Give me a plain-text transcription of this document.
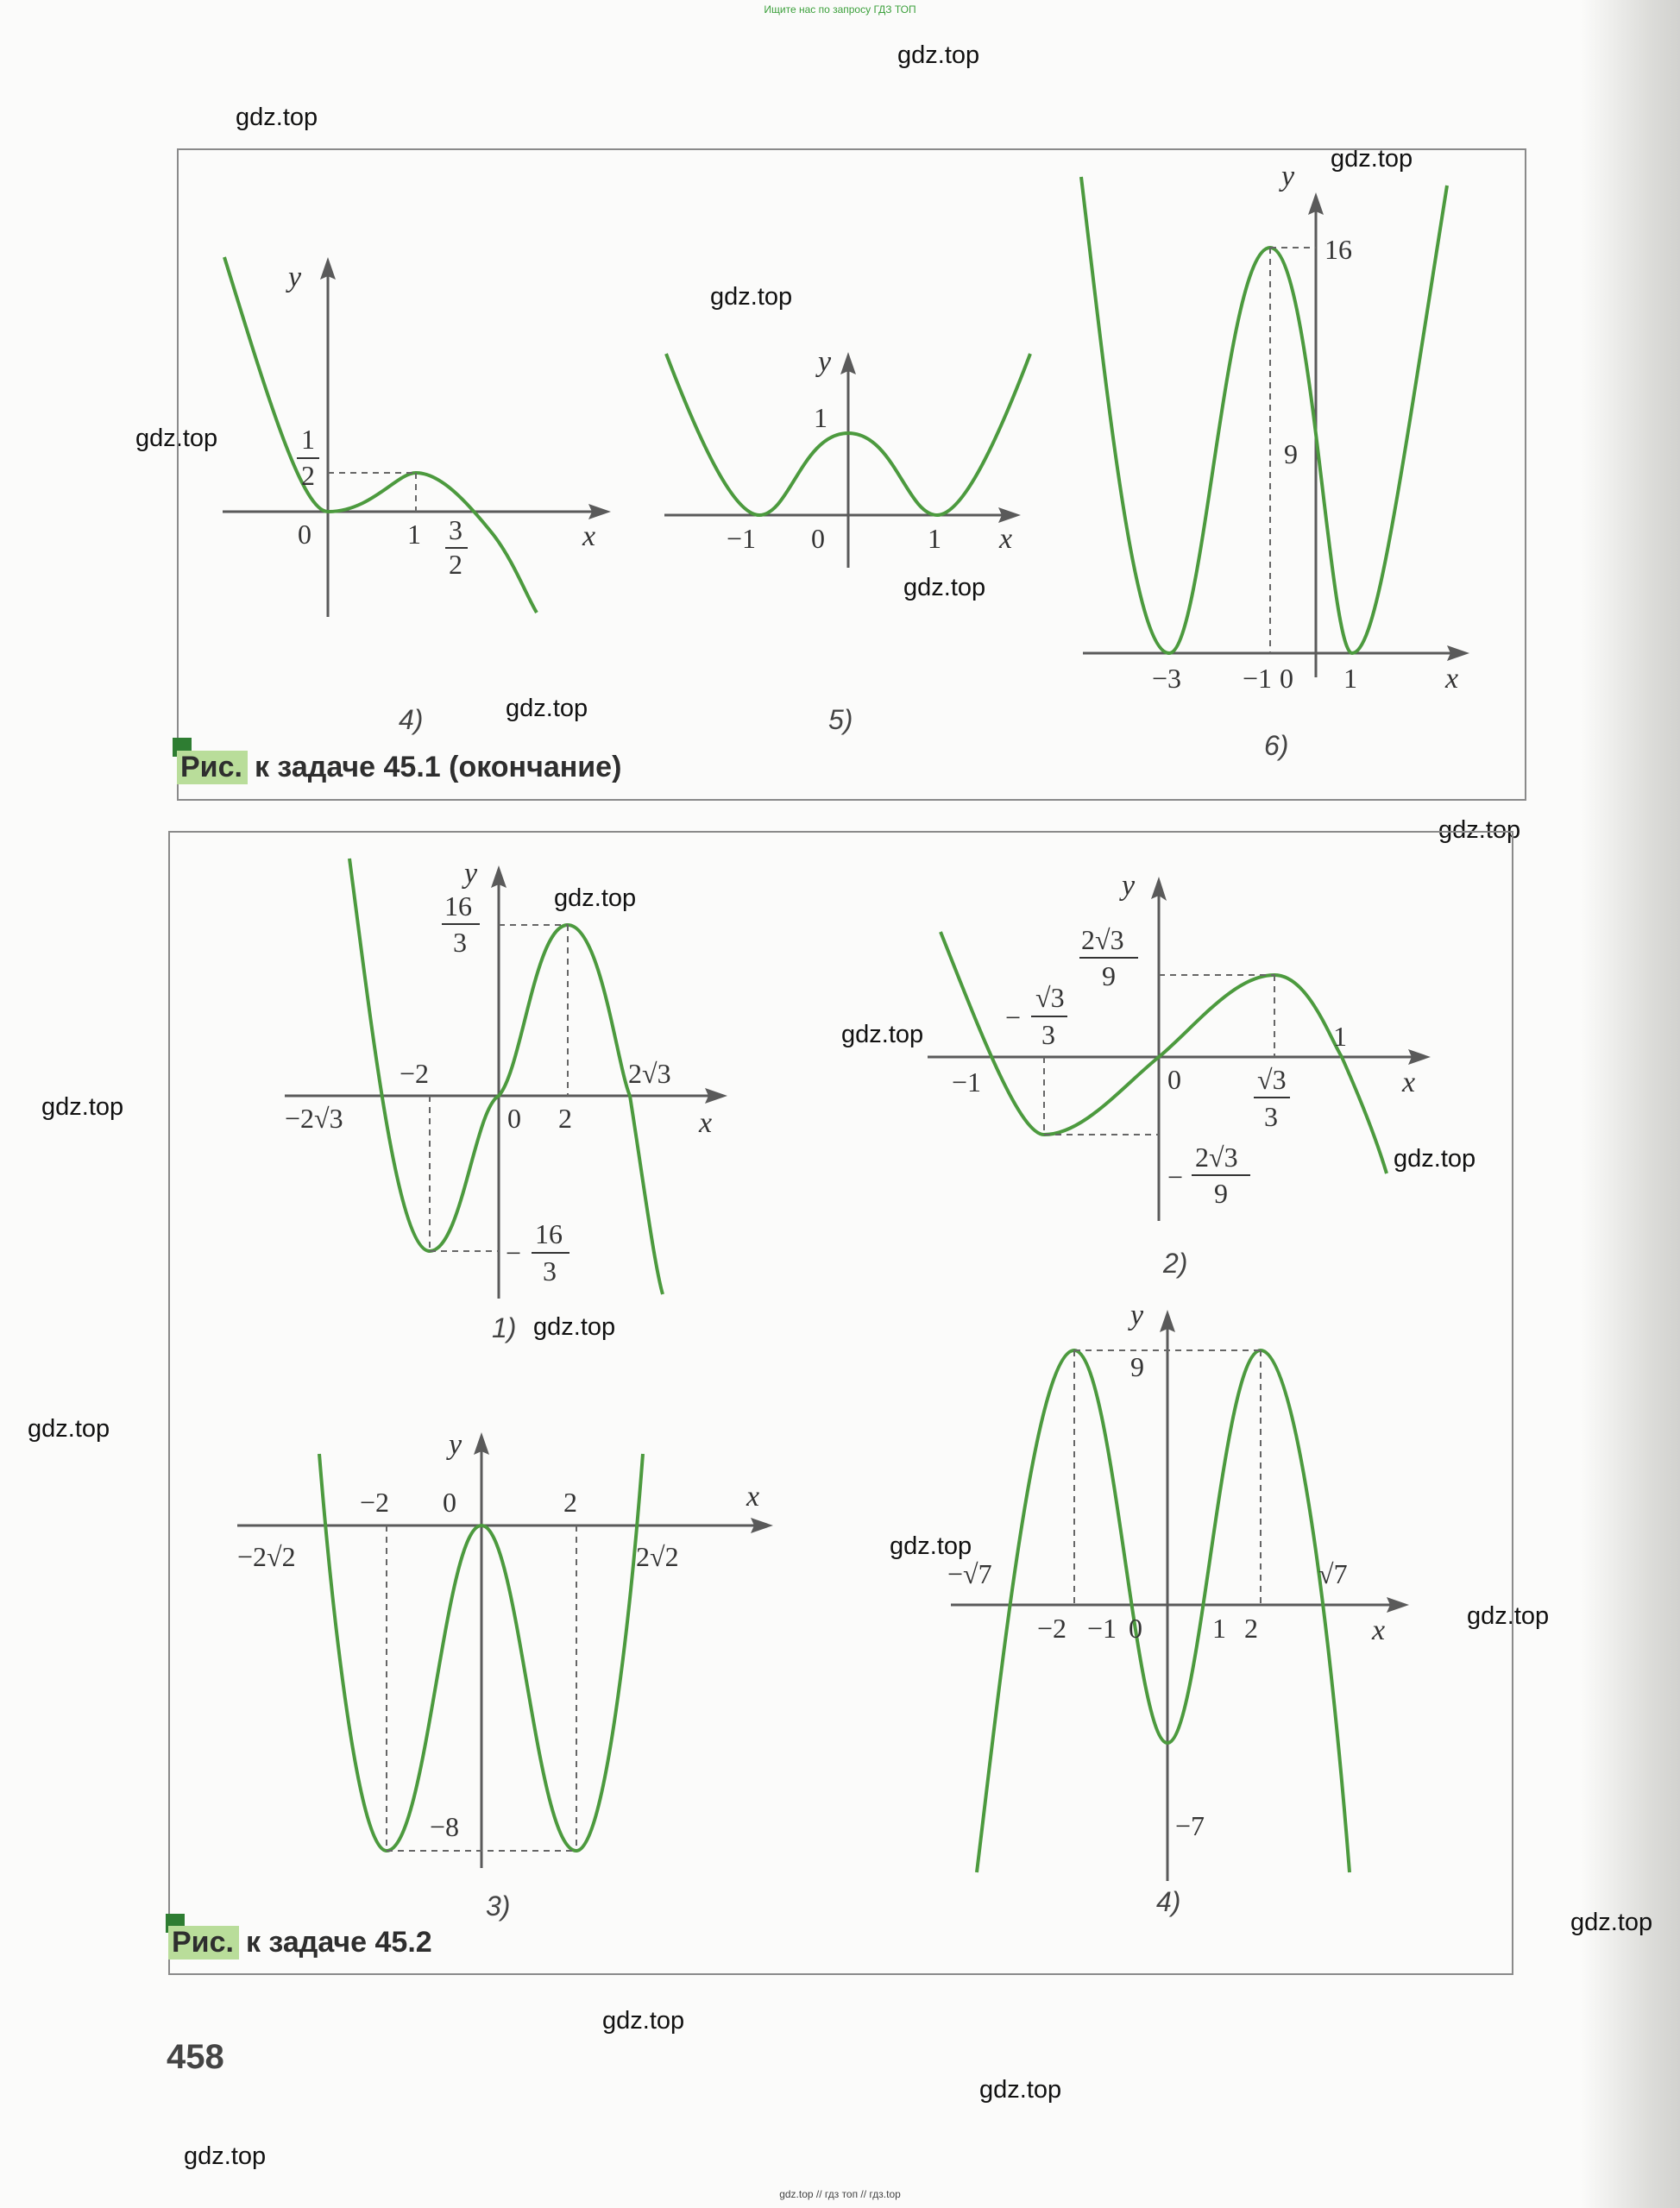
Ищите нас по запросу ГДЗ ТОП
gdz.top
gdz.top
gdz.top
gdz.top
gdz.top
gdz.top
gdz.top
gdz.top
gdz.top
gdz.top
gdz.top
gdz.top
gdz.top
gdz.top
gdz.top
gdz.top
gdz.top
gdz.top
gdz.top
gdz.top
gdz.top // гдз топ // гдз.top
y
x
0	1 3
2
1
2
4)
y
x
−1 0	1
1
5)
y
x
−3 −1 0 1
16
9
6)
Рис. к задаче 45.1 (окончание)
y
x
−2√3
−2
0 2
2√3
16
3
−
16
3
1)
y
x
−1	0
1
−
√3
3
√3
3
2√3
9
−
2√3
9
2)
y
x
−2 0	2
−2√2	2√2
−8
3)
y
x
−√7
−2 −1 0	1 2
√7
9
−7
4)
Рис. к задаче 45.2
458
